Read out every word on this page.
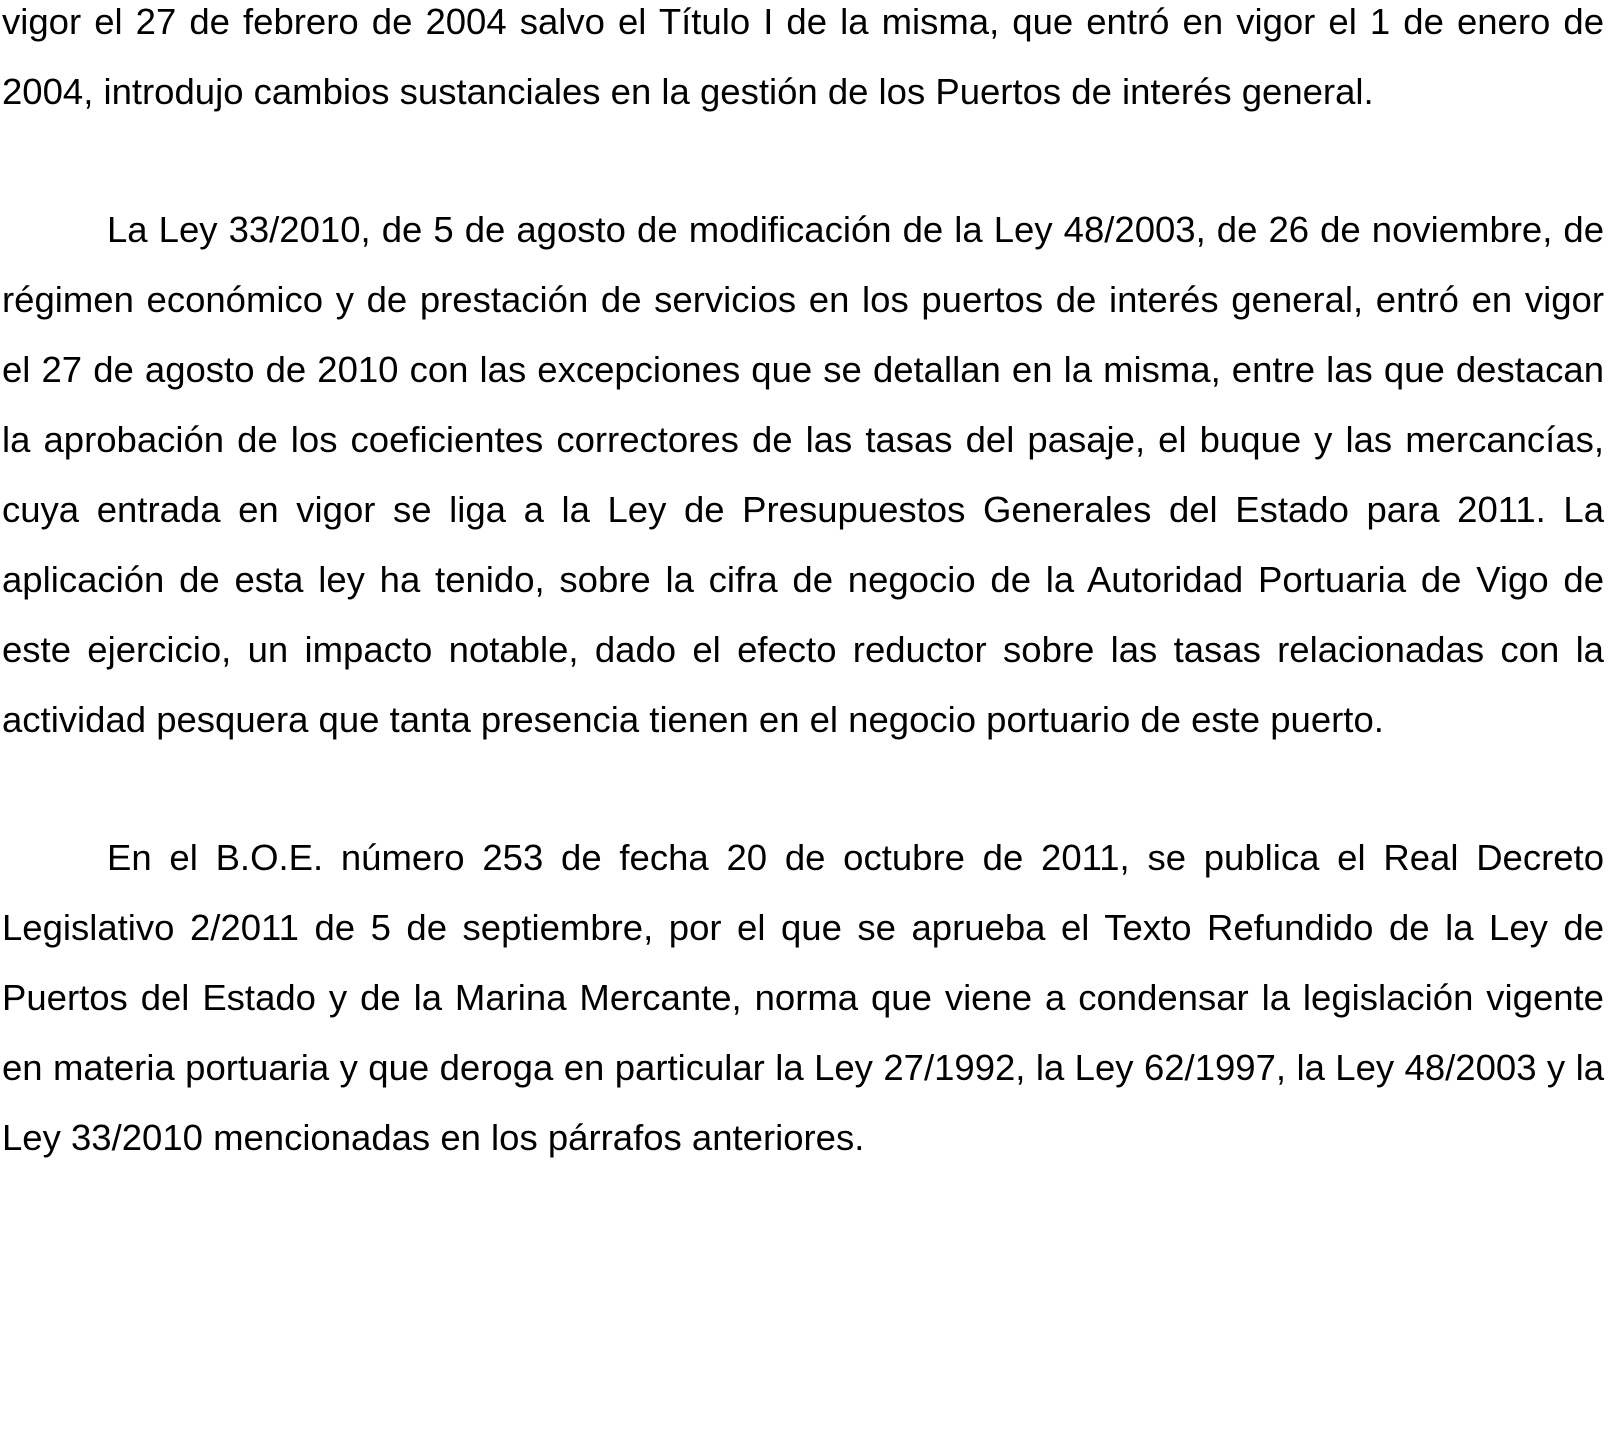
vigor el 27 de febrero de 2004 salvo el Título I de la misma, que entró en vigor el 1 de enero de 2004, introdujo cambios sustanciales en la gestión de los Puertos de interés general.

La Ley 33/2010, de 5 de agosto de modificación de la Ley 48/2003, de 26 de noviembre, de régimen económico y de prestación de servicios en los puertos de interés general, entró en vigor el 27 de agosto de 2010 con las excepciones que se detallan en la misma, entre las que destacan la aprobación de los coeficientes correctores de las tasas del pasaje, el buque y las mercancías, cuya entrada en vigor se liga a la Ley de Presupuestos Generales del Estado para 2011. La aplicación de esta ley ha tenido, sobre la cifra de negocio de la Autoridad Portuaria de Vigo de este ejercicio, un impacto notable, dado el efecto reductor sobre las tasas relacionadas con la actividad pesquera que tanta presencia tienen en el negocio portuario de este puerto.

En el B.O.E. número 253 de fecha 20 de octubre de 2011, se publica el Real Decreto Legislativo 2/2011 de 5 de septiembre, por el que se aprueba el Texto Refundido de la Ley de Puertos del Estado y de la Marina Mercante, norma que viene a condensar la legislación vigente en materia portuaria y que deroga en particular la Ley 27/1992, la Ley 62/1997, la Ley 48/2003 y la Ley 33/2010 mencionadas en los párrafos anteriores.
